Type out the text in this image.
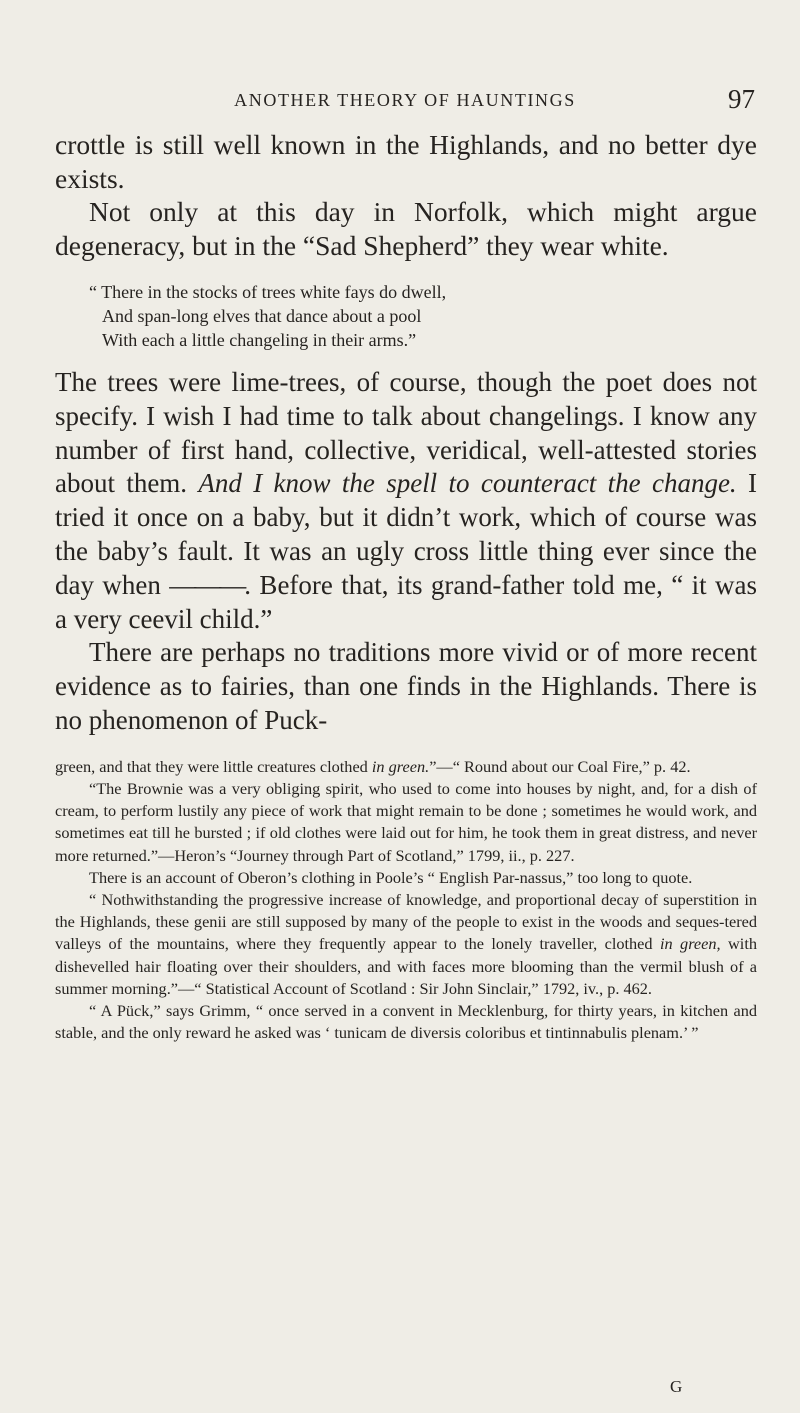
ANOTHER THEORY OF HAUNTINGS	97

crottle is still well known in the Highlands, and no better dye exists.

Not only at this day in Norfolk, which might argue degeneracy, but in the “Sad Shepherd” they wear white.

“ There in the stocks of trees white fays do dwell,

And span-long elves that dance about a pool

With each a little changeling in their arms.”

The trees were lime-trees, of course, though the poet does not specify. I wish I had time to talk about changelings. I know any number of first hand, collective, veridical, well-attested stories about them. And I know the spell to counteract the change. I tried it once on a baby, but it didn’t work, which of course was the baby’s fault. It was an ugly cross little thing ever since the day when ———. Before that, its grand-father told me, “ it was a very ceevil child.”

There are perhaps no traditions more vivid or of more recent evidence as to fairies, than one finds in the Highlands. There is no phenomenon of Puck-

green, and that they were little creatures clothed in green.”—“ Round about our Coal Fire,” p. 42.

“The Brownie was a very obliging spirit, who used to come into houses by night, and, for a dish of cream, to perform lustily any piece of work that might remain to be done ; sometimes he would work, and sometimes eat till he bursted ; if old clothes were laid out for him, he took them in great distress, and never more returned.”—Heron’s “Journey through Part of Scotland,” 1799, ii., p. 227.

There is an account of Oberon’s clothing in Poole’s “ English Par-nassus,” too long to quote.

“ Nothwithstanding the progressive increase of knowledge, and proportional decay of superstition in the Highlands, these genii are still supposed by many of the people to exist in the woods and seques-tered valleys of the mountains, where they frequently appear to the lonely traveller, clothed in green, with dishevelled hair floating over their shoulders, and with faces more blooming than the vermil blush of a summer morning.”—“ Statistical Account of Scotland : Sir John Sinclair,” 1792, iv., p. 462.

“ A Pück,” says Grimm, “ once served in a convent in Mecklenburg, for thirty years, in kitchen and stable, and the only reward he asked was ‘ tunicam de diversis coloribus et tintinnabulis plenam.’ ”

G
